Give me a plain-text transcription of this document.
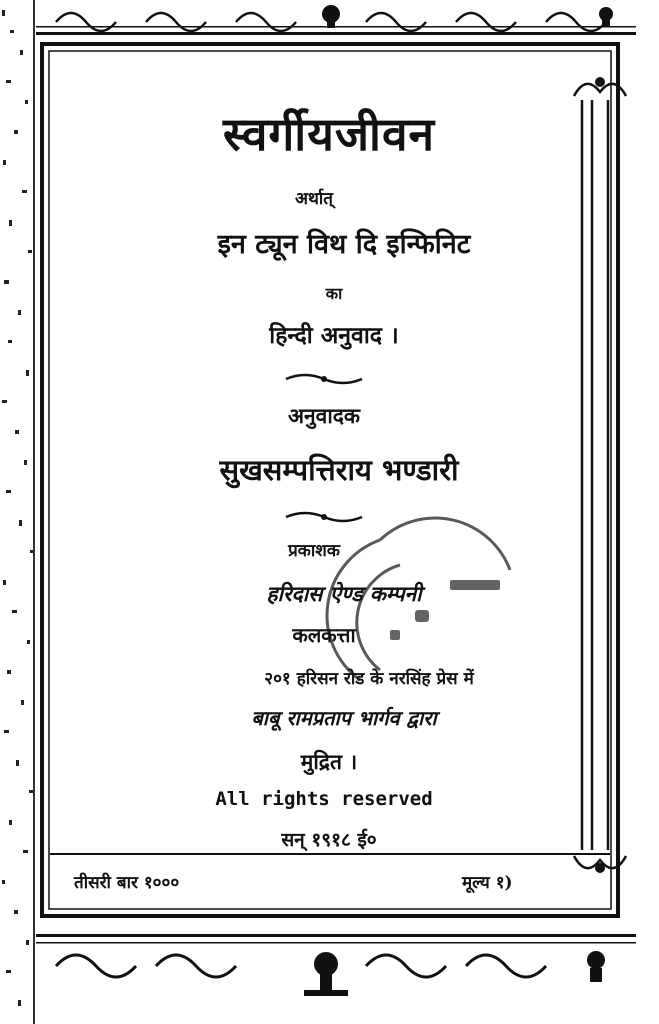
स्वर्गीयजीवन
अर्थात्
इन ट्यून विथ दि इन्फिनिट
का
हिन्दी अनुवाद ।
अनुवादक
सुखसम्पत्तिराय भण्डारी
प्रकाशक
हरिदास ऐण्ड कम्पनी
कलकत्ता
२०१ हरिसन रोड के नरसिंह प्रेस में
बाबू रामप्रताप भार्गव द्वारा
मुद्रित ।
All rights reserved
सन् १९१८ ई०
तीसरी बार १०००	मूल्य १)
